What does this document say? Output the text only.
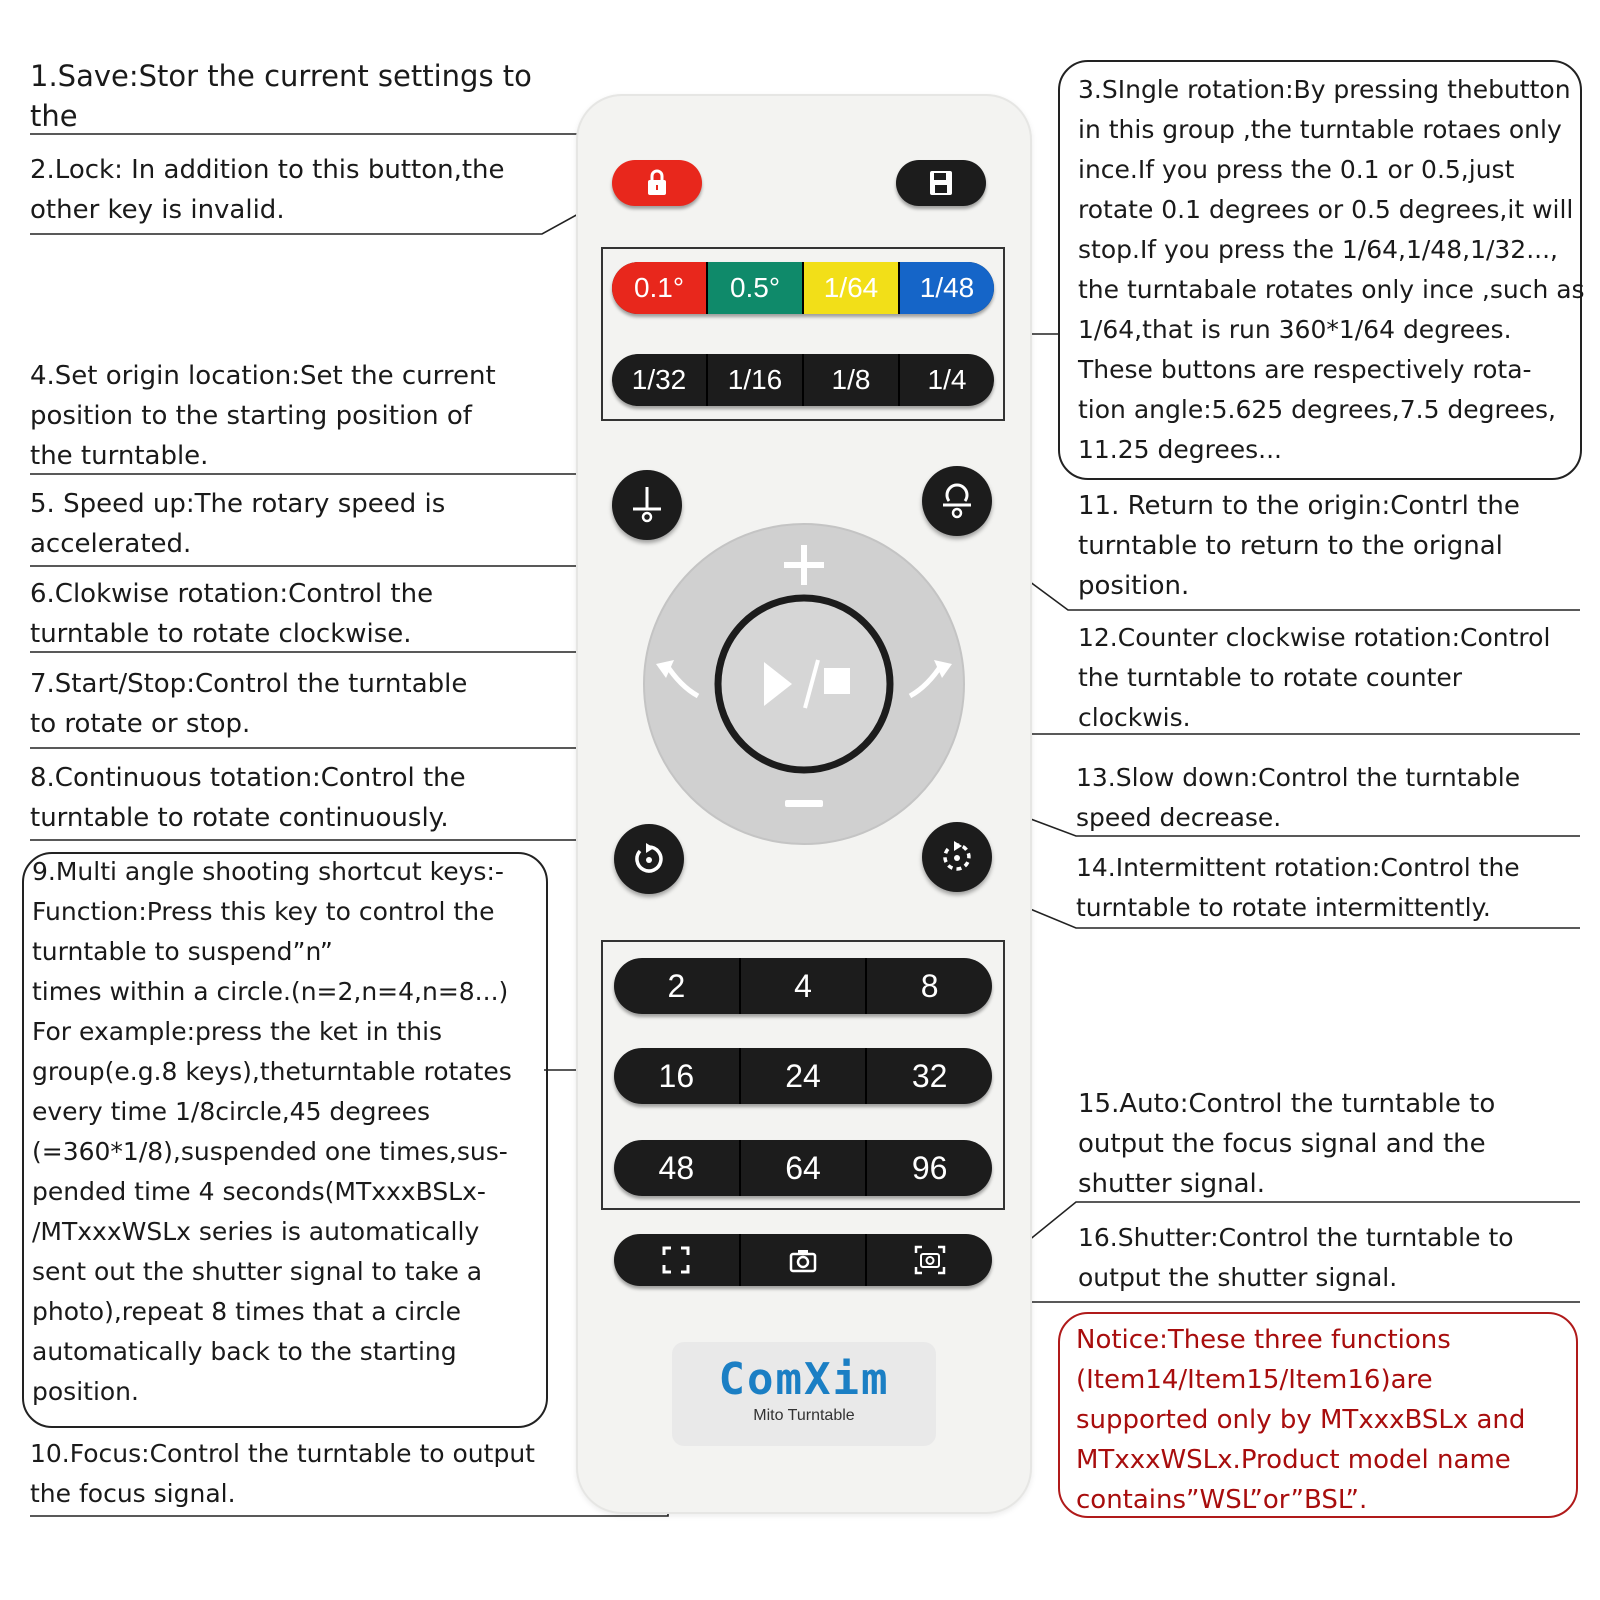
1.Save:Stor the current settings to
the
2.Lock: In addition to this button,the
other key is invalid.
3.SIngle rotation:By pressing thebutton
in this group ,the turntable rotaes only
ince.If you press the 0.1 or 0.5,just
rotate 0.1 degrees or 0.5 degrees,it will
stop.If you press the 1/64,1/48,1/32...,
the turntabale rotates only ince ,such as
1/64,that is run 360*1/64 degrees.
These buttons are respectively rota-
tion angle:5.625 degrees,7.5 degrees,
11.25 degrees...
4.Set origin location:Set the current
position to the starting position of
the turntable.
5. Speed up:The rotary speed is
accelerated.
6.Clokwise rotation:Control the
turntable to rotate clockwise.
7.Start/Stop:Control the turntable
to rotate or stop.
8.Continuous totation:Control the
turntable to rotate continuously.
9.Multi angle shooting shortcut keys:-
Function:Press this key to control the
turntable to suspend”n”
times within a circle.(n=2,n=4,n=8...)
For example:press the ket in this
group(e.g.8 keys),theturntable rotates
every time 1/8circle,45 degrees
(=360*1/8),suspended one times,sus-
pended time 4 seconds(MTxxxBSLx-
/MTxxxWSLx series is automatically
sent out the shutter signal to take a
photo),repeat 8 times that a circle
automatically back to the starting
position.
10.Focus:Control the turntable to output
the focus signal.
11. Return to the origin:Contrl the
turntable to return to the orignal
position.
12.Counter clockwise rotation:Control
the turntable to rotate counter
clockwis.
13.Slow down:Control the turntable
speed decrease.
14.Intermittent rotation:Control the
turntable to rotate intermittently.
15.Auto:Control the turntable to
output the focus signal and the
shutter signal.
16.Shutter:Control the turntable to
output the shutter signal.
Notice:These three functions
(Item14/Item15/Item16)are
supported only by MTxxxBSLx and
MTxxxWSLx.Product model name
contains”WSL”or”BSL”.
0.1°	0.5°	1/64	1/48
1/32	1/16	1/8	1/4
2	4	8
16	24	32
48	64	96
ComXim
Mito Turntable
